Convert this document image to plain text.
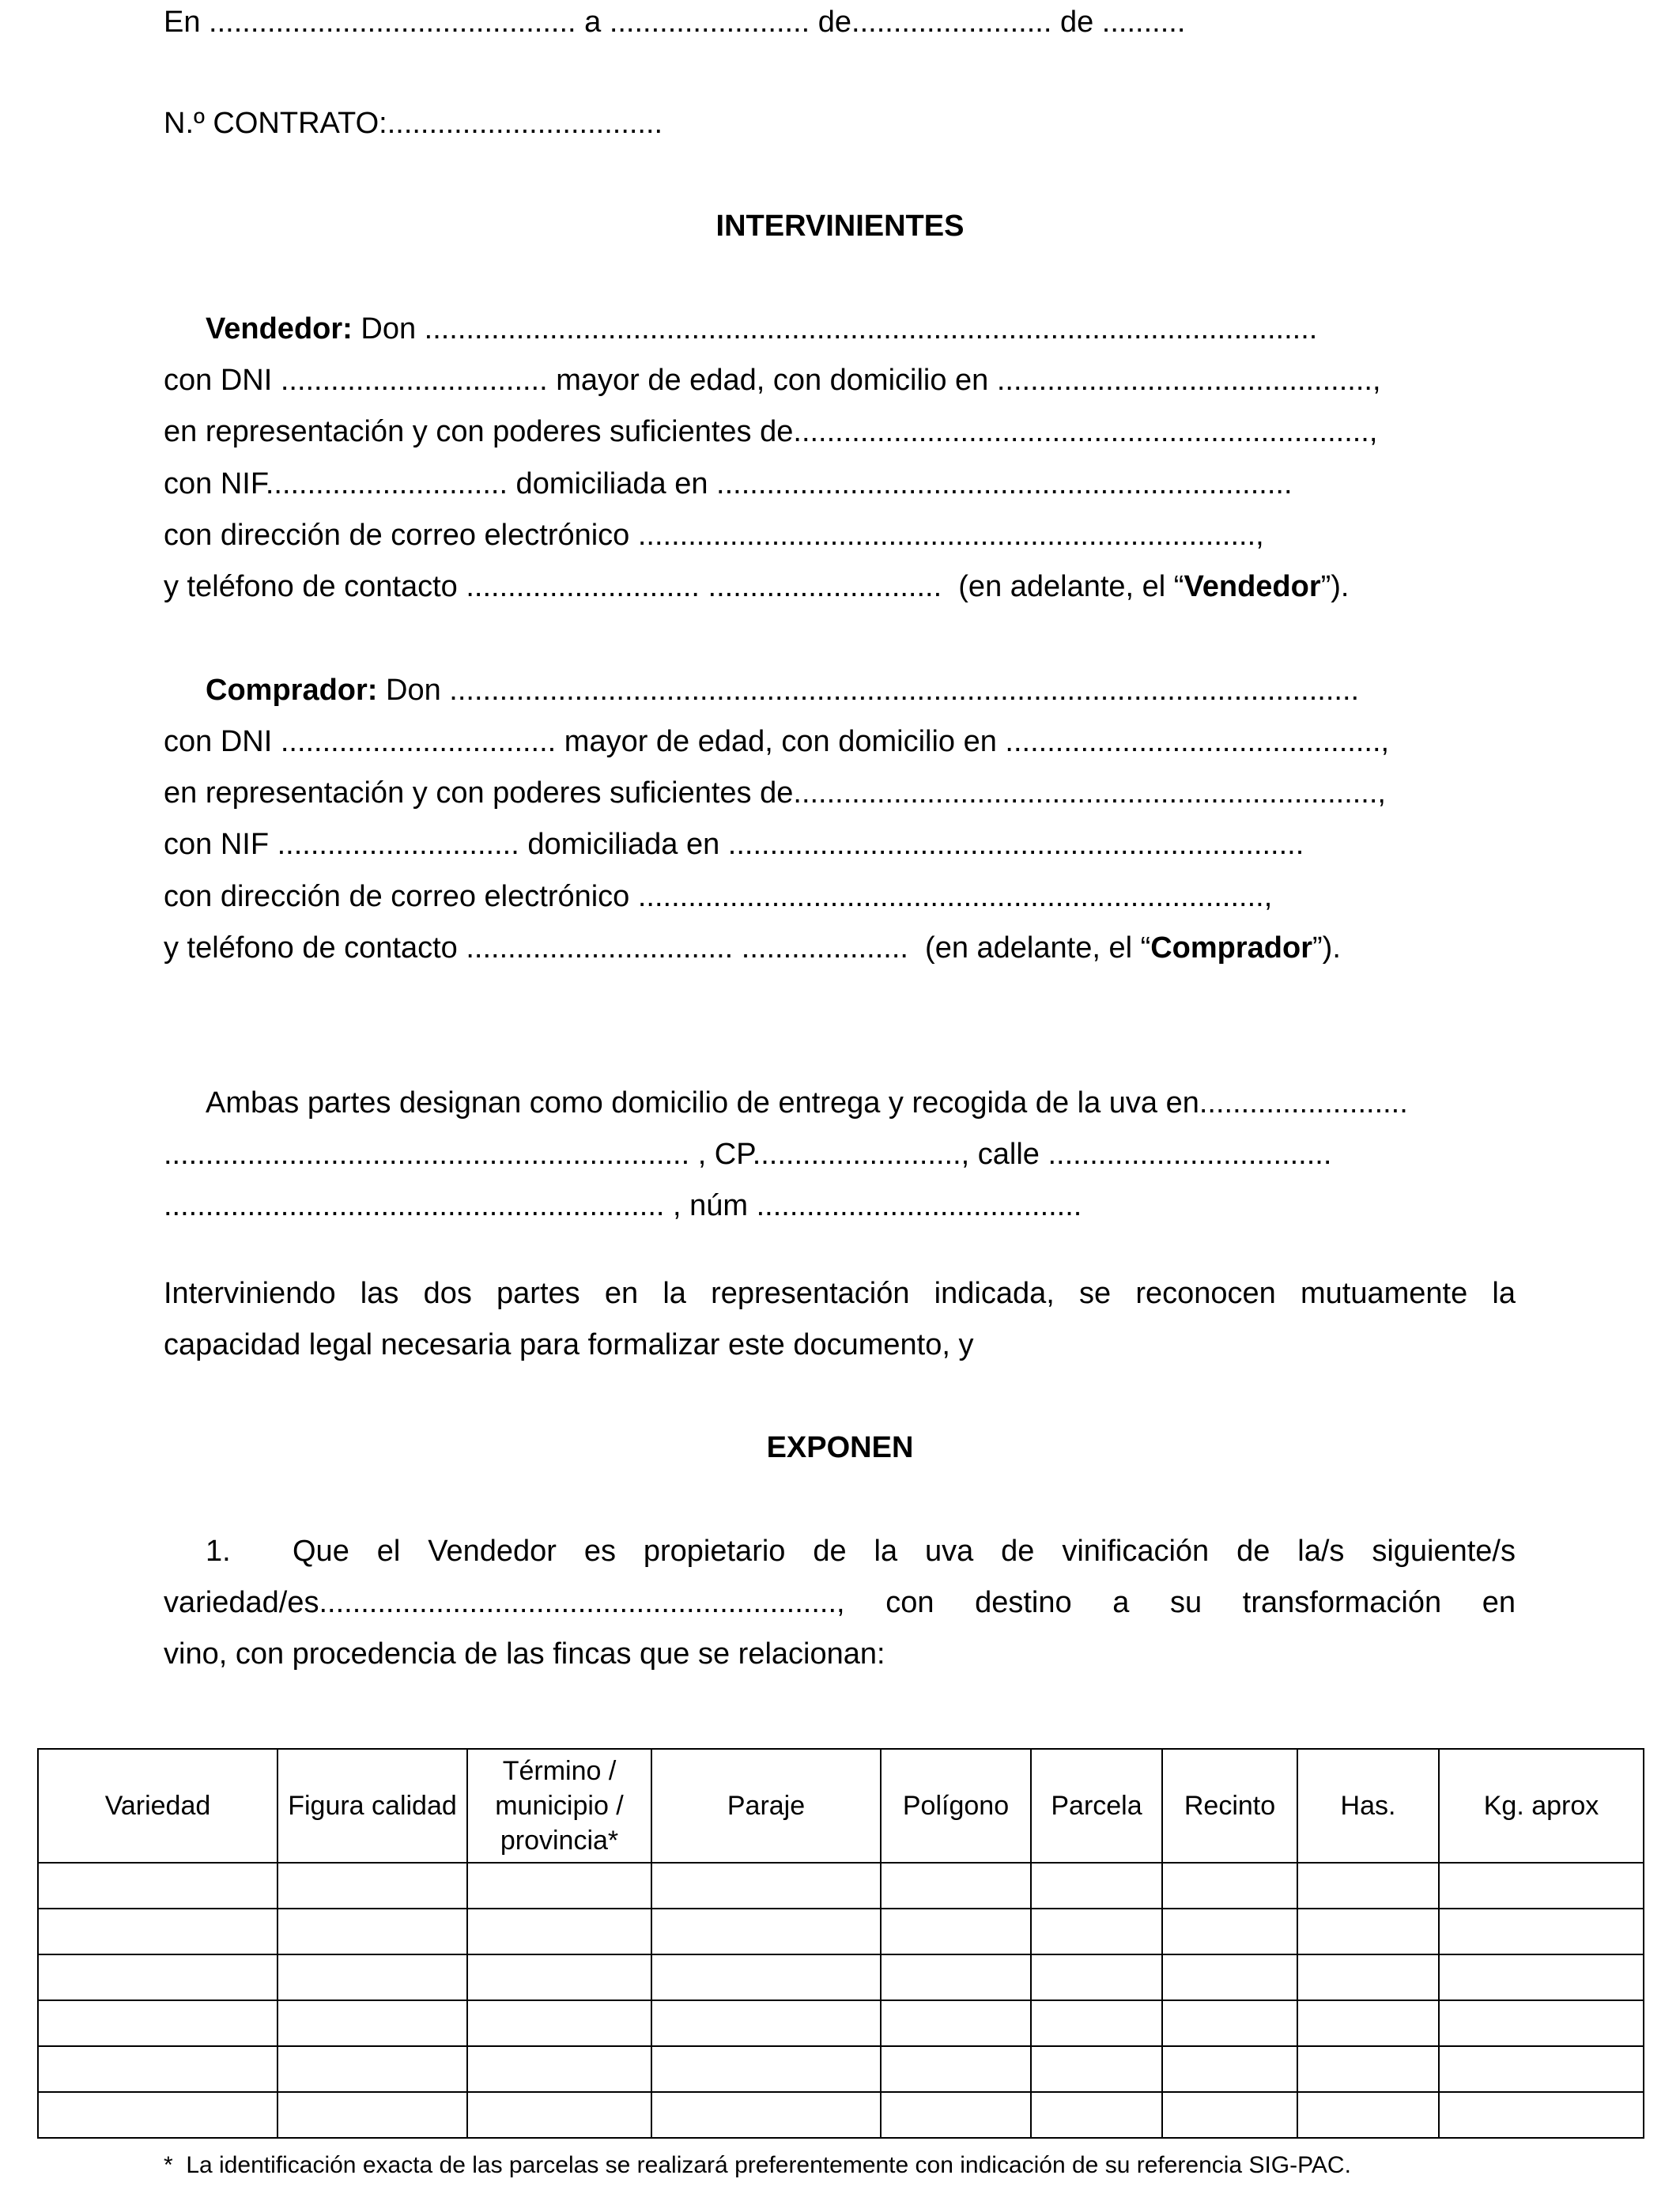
En ............................................ a ........................ de........................ de ..........
N.º CONTRATO:.................................
INTERVINIENTES
Vendedor: Don ...........................................................................................................
con DNI ................................ mayor de edad, con domicilio en .............................................,
en representación y con poderes suficientes de.....................................................................,
con NIF............................. domiciliada en .....................................................................
con dirección de correo electrónico ..........................................................................,
y teléfono de contacto ............................ ............................  (en adelante, el “Vendedor”).
Comprador: Don .............................................................................................................
con DNI ................................. mayor de edad, con domicilio en .............................................,
en representación y con poderes suficientes de......................................................................,
con NIF ............................. domiciliada en .....................................................................
con dirección de correo electrónico ...........................................................................,
y teléfono de contacto ................................ ....................  (en adelante, el “Comprador”).
Ambas partes designan como domicilio de entrega y recogida de la uva en.........................
............................................................... , CP........................., calle ..................................
............................................................ , núm .......................................
Interviniendo las dos partes en la representación indicada, se reconocen mutuamente la
capacidad legal necesaria para formalizar este documento, y
EXPONEN
1. Que el Vendedor es propietario de la uva de vinificación de la/s siguiente/s
variedad/es.............................................................., con destino a su transformación en
vino, con procedencia de las fincas que se relacionan:
Variedad	Figura calidad	Término / municipio / provincia*	Paraje	Polígono	Parcela	Recinto	Has.	Kg. aprox

*  La identificación exacta de las parcelas se realizará preferentemente con indicación de su referencia SIG-PAC.
